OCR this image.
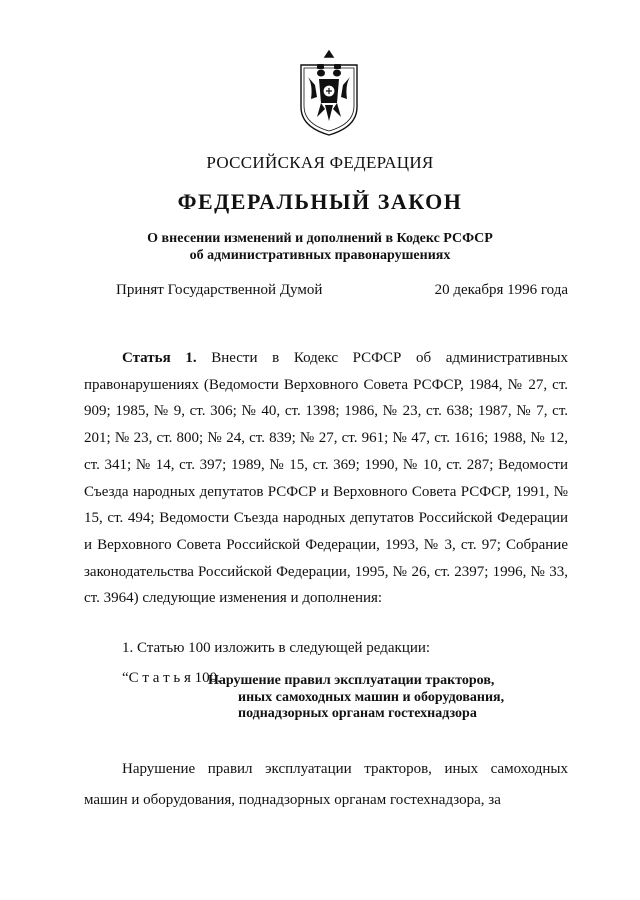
РОССИЙСКАЯ ФЕДЕРАЦИЯ
ФЕДЕРАЛЬНЫЙ ЗАКОН
О внесении изменений и дополнений в Кодекс РСФСР
об административных правонарушениях
Принят Государственной Думой	20 декабря 1996 года
Статья 1. Внести в Кодекс РСФСР об административных правонарушениях (Ведомости Верховного Совета РСФСР, 1984, № 27, ст. 909; 1985, № 9, ст. 306; № 40, ст. 1398; 1986, № 23, ст. 638; 1987, № 7, ст. 201; № 23, ст. 800; № 24, ст. 839; № 27, ст. 961; № 47, ст. 1616; 1988, № 12, ст. 341; № 14, ст. 397; 1989, № 15, ст. 369; 1990, № 10, ст. 287; Ведомости Съезда народных депутатов РСФСР и Верховного Совета РСФСР, 1991, № 15, ст. 494; Ведомости Съезда народных депутатов Российской Федерации и Верховного Совета Российской Федерации, 1993, № 3, ст. 97; Собрание законодательства Российской Федерации, 1995, № 26, ст. 2397; 1996, № 33, ст. 3964) следующие изменения и дополнения:
1. Статью 100 изложить в следующей редакции:
“С т а т ь я 100.
Нарушение правил эксплуатации тракторов,
иных самоходных машин и оборудования,
поднадзорных органам гостехнадзора
Нарушение правил эксплуатации тракторов, иных самоходных машин и оборудования, поднадзорных органам гостехнадзора, за
